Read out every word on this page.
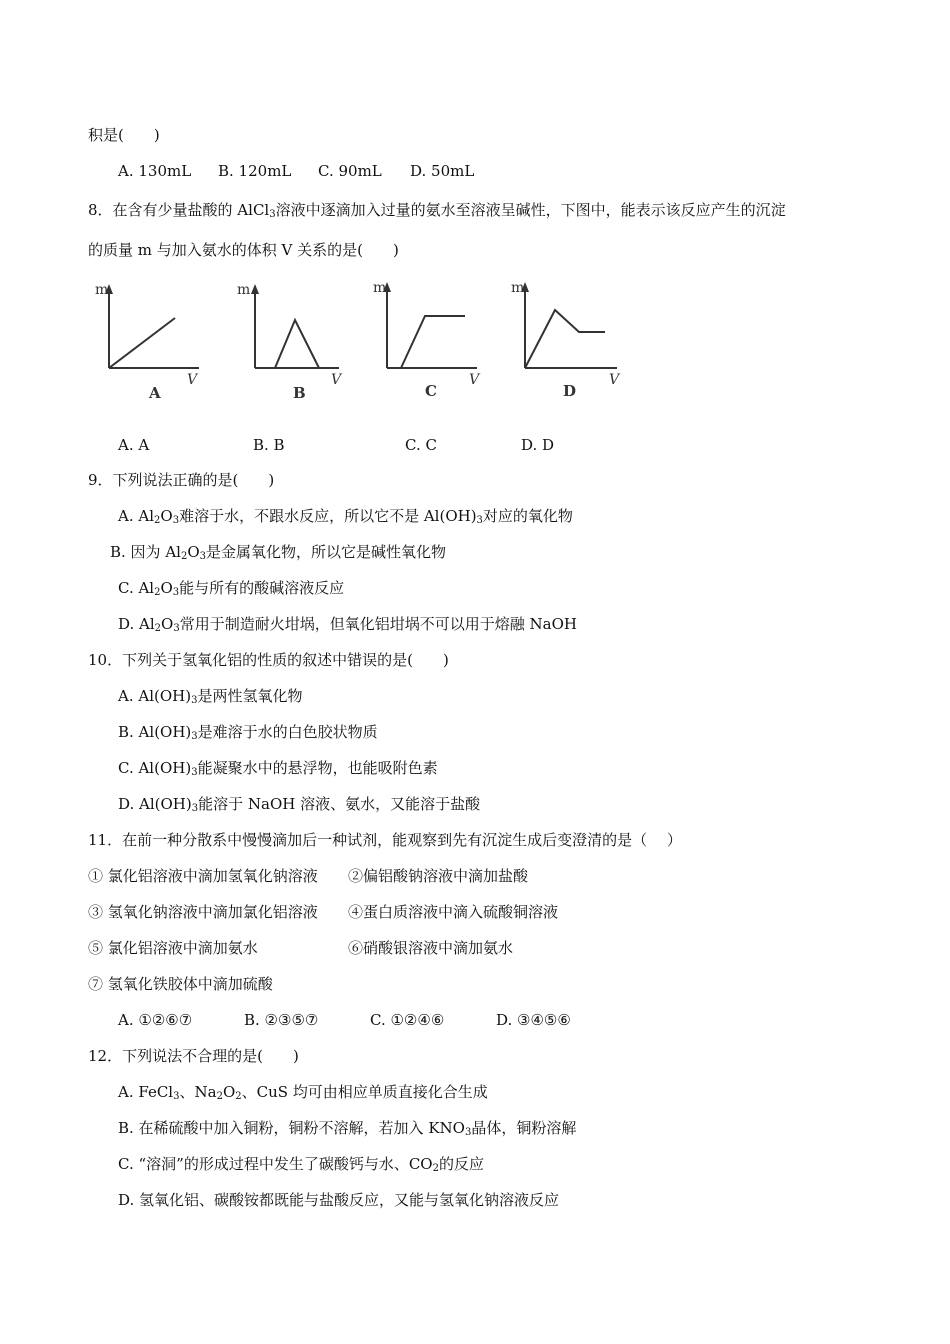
积是(　　)
A. 130mL	B. 120mL	C. 90mL	D. 50mL
8．在含有少量盐酸的 AlCl$_3$溶液中逐滴加入过量的氨水至溶液呈碱性，下图中，能表示该反应产生的沉淀
的质量 m 与加入氨水的体积 V 关系的是(　　)
m
V
A
m
V
B
m
V
C
m
V
D
A. A	B. B	C. C	D. D
9．下列说法正确的是(　　)
A. $Al_2O_3$难溶于水，不跟水反应，所以它不是 $Al(OH)_3$对应的氧化物
B. 因为 $Al_2O_3$是金属氧化物，所以它是碱性氧化物
C. $Al_2O_3$能与所有的酸碱溶液反应
D. $Al_2O_3$常用于制造耐火坩埚，但氧化铝坩埚不可以用于熔融 NaOH
10．下列关于氢氧化铝的性质的叙述中错误的是(　　)
A. $Al(OH)_3$是两性氢氧化物
B. $Al(OH)_3$是难溶于水的白色胶状物质
C. $Al(OH)_3$能凝聚水中的悬浮物，也能吸附色素
D. $Al(OH)_3$能溶于 NaOH 溶液、氨水，又能溶于盐酸
11．在前一种分散系中慢慢滴加后一种试剂，能观察到先有沉淀生成后变澄清的是（　 ）
① 氯化铝溶液中滴加氢氧化钠溶液 ②偏铝酸钠溶液中滴加盐酸
③ 氢氧化钠溶液中滴加氯化铝溶液 ④蛋白质溶液中滴入硫酸铜溶液
⑤ 氯化铝溶液中滴加氨水	⑥硝酸银溶液中滴加氨水
⑦ 氢氧化铁胶体中滴加硫酸
A. ①②⑥⑦	B. ②③⑤⑦	C. ①②④⑥	D. ③④⑤⑥
12．下列说法不合理的是(　　)
A. FeCl$_3$、$Na_2O_2$、CuS 均可由相应单质直接化合生成
B. 在稀硫酸中加入铜粉，铜粉不溶解，若加入 $KNO_3$晶体，铜粉溶解
C. “溶洞”的形成过程中发生了碳酸钙与水、$CO_2$的反应
D. 氢氧化铝、碳酸铵都既能与盐酸反应，又能与氢氧化钠溶液反应
